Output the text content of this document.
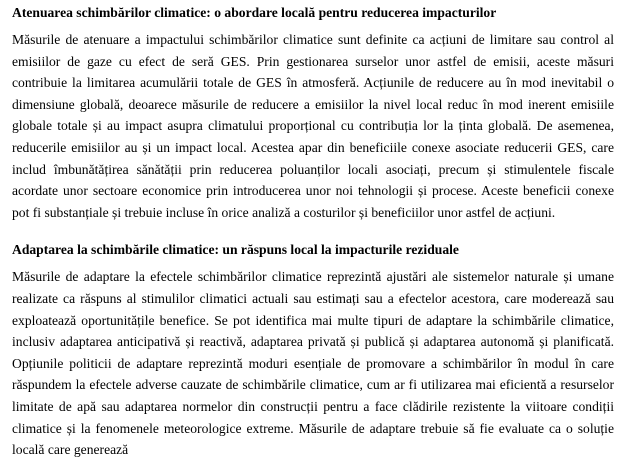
Atenuarea schimbărilor climatice: o abordare locală pentru reducerea impacturilor

Măsurile de atenuare a impactului schimbărilor climatice sunt definite ca acțiuni de limitare sau control al emisiilor de gaze cu efect de seră GES. Prin gestionarea surselor unor astfel de emisii, aceste măsuri contribuie la limitarea acumulării totale de GES în atmosferă. Acțiunile de reducere au în mod inevitabil o dimensiune globală, deoarece măsurile de reducere a emisiilor la nivel local reduc în mod inerent emisiile globale totale și au impact asupra climatului proporțional cu contribuția lor la ținta globală. De asemenea, reducerile emisiilor au și un impact local. Acestea apar din beneficiile conexe asociate reducerii GES, care includ îmbunătățirea sănătății prin reducerea poluanților locali asociați, precum și stimulentele fiscale acordate unor sectoare economice prin introducerea unor noi tehnologii și procese. Aceste beneficii conexe pot fi substanțiale și trebuie incluse în orice analiză a costurilor și beneficiilor unor astfel de acțiuni.

Adaptarea la schimbările climatice: un răspuns local la impacturile reziduale

Măsurile de adaptare la efectele schimbărilor climatice reprezintă ajustări ale sistemelor naturale și umane realizate ca răspuns al stimulilor climatici actuali sau estimați sau a efectelor acestora, care moderează sau exploatează oportunitățile benefice. Se pot identifica mai multe tipuri de adaptare la schimbările climatice, inclusiv adaptarea anticipativă și reactivă, adaptarea privată și publică și adaptarea autonomă și planificată. Opțiunile politicii de adaptare reprezintă moduri esențiale de promovare a schimbărilor în modul în care răspundem la efectele adverse cauzate de schimbările climatice, cum ar fi utilizarea mai eficientă a resurselor limitate de apă sau adaptarea normelor din construcții pentru a face clădirile rezistente la viitoare condiții climatice și la fenomenele meteorologice extreme. Măsurile de adaptare trebuie să fie evaluate ca o soluție locală care generează
